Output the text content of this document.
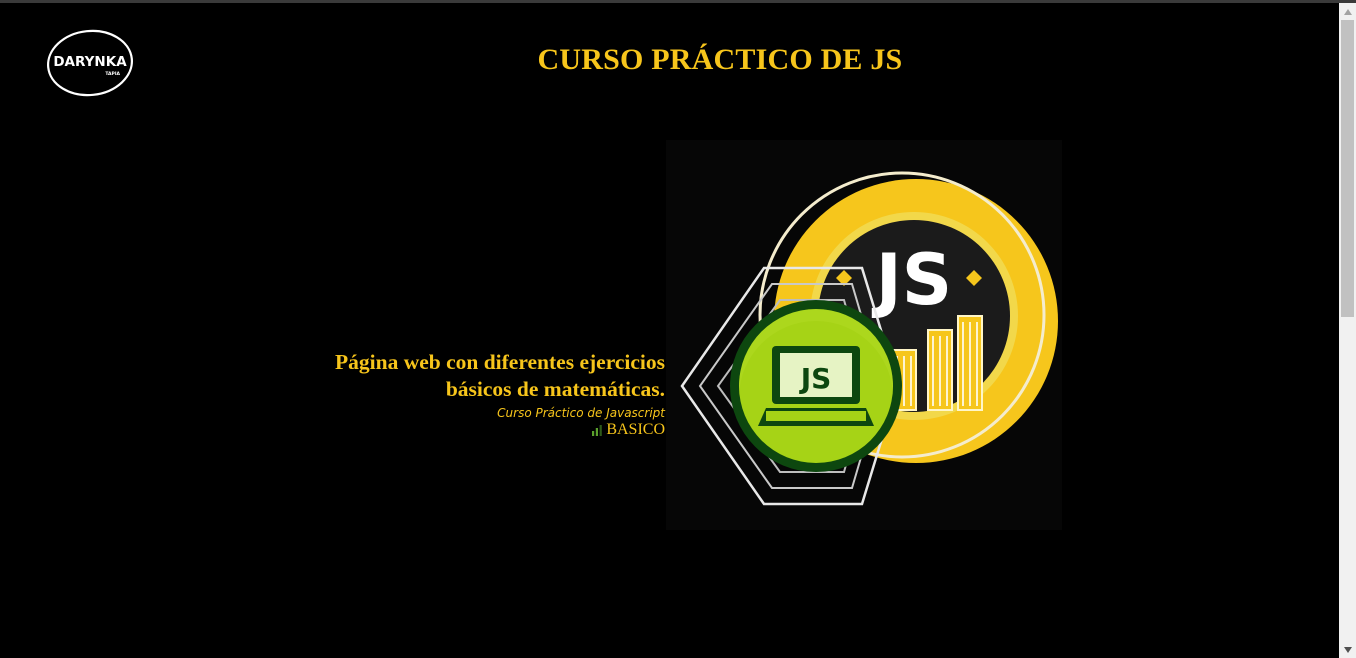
DARYNKA
TAPIA	CURSO PRÁCTICO DE JS
Página web con diferentes ejercicios
básicos de matemáticas.
Curso Práctico de Javascript
BASICO
JS
JS
